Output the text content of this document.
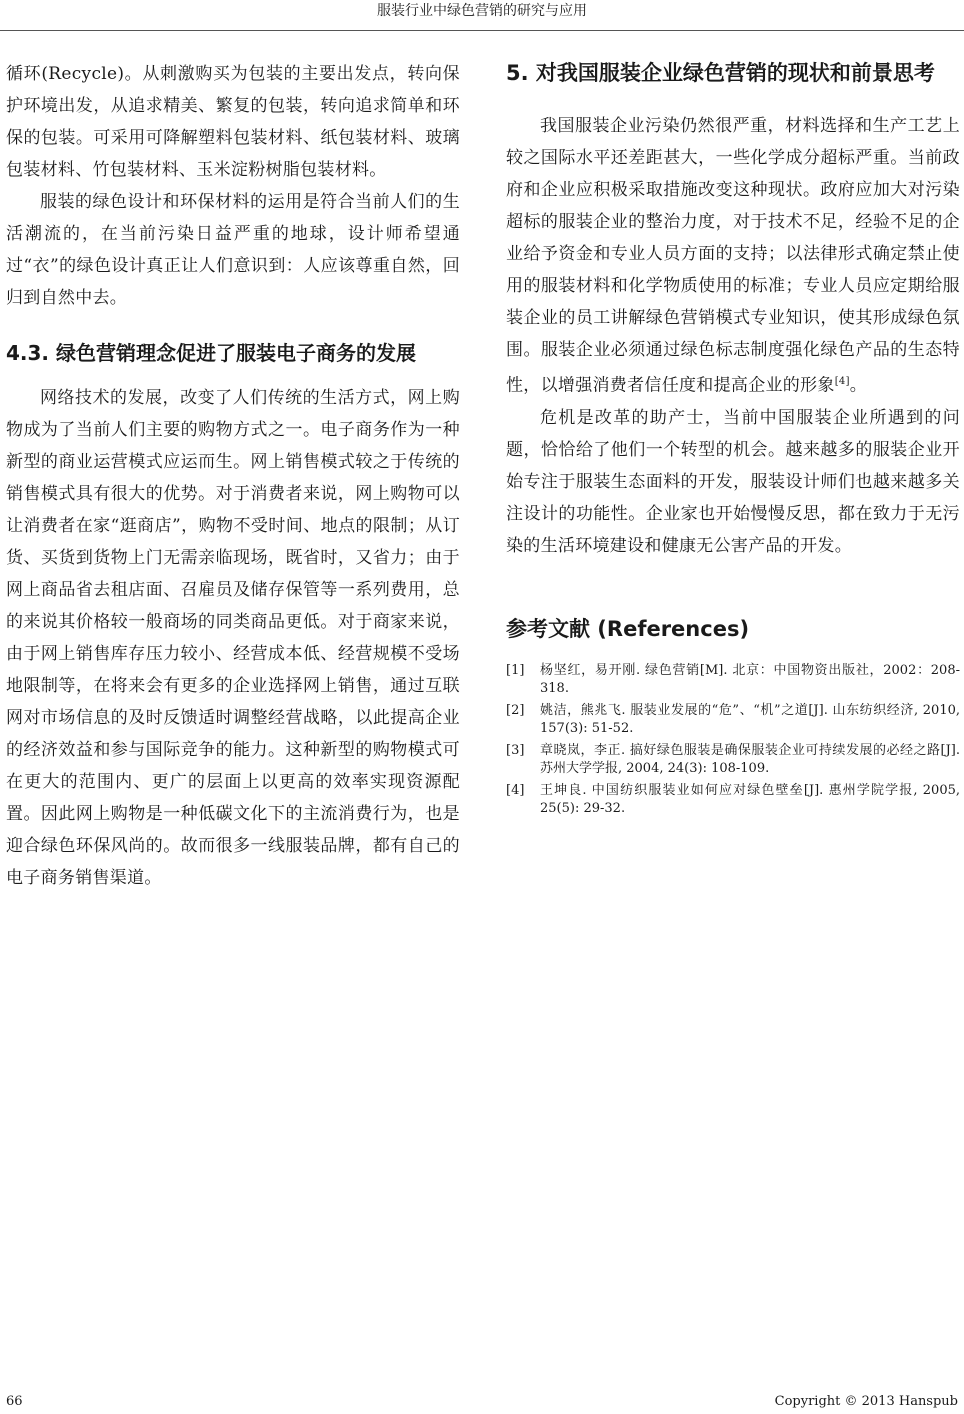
服装行业中绿色营销的研究与应用

循环(Recycle)。从刺激购买为包装的主要出发点，转向保护环境出发，从追求精美、繁复的包装，转向追求简单和环保的包装。可采用可降解塑料包装材料、纸包装材料、玻璃包装材料、竹包装材料、玉米淀粉树脂包装材料。

服装的绿色设计和环保材料的运用是符合当前人们的生活潮流的，在当前污染日益严重的地球，设计师希望通过“衣”的绿色设计真正让人们意识到：人应该尊重自然，回归到自然中去。

4.3. 绿色营销理念促进了服装电子商务的发展

网络技术的发展，改变了人们传统的生活方式，网上购物成为了当前人们主要的购物方式之一。电子商务作为一种新型的商业运营模式应运而生。网上销售模式较之于传统的销售模式具有很大的优势。对于消费者来说，网上购物可以让消费者在家“逛商店”，购物不受时间、地点的限制；从订货、买货到货物上门无需亲临现场，既省时，又省力；由于网上商品省去租店面、召雇员及储存保管等一系列费用，总的来说其价格较一般商场的同类商品更低。对于商家来说，由于网上销售库存压力较小、经营成本低、经营规模不受场地限制等，在将来会有更多的企业选择网上销售，通过互联网对市场信息的及时反馈适时调整经营战略，以此提高企业的经济效益和参与国际竞争的能力。这种新型的购物模式可在更大的范围内、更广的层面上以更高的效率实现资源配置。因此网上购物是一种低碳文化下的主流消费行为，也是迎合绿色环保风尚的。故而很多一线服装品牌，都有自己的电子商务销售渠道。

5. 对我国服装企业绿色营销的现状和前景思考

我国服装企业污染仍然很严重，材料选择和生产工艺上较之国际水平还差距甚大，一些化学成分超标严重。当前政府和企业应积极采取措施改变这种现状。政府应加大对污染超标的服装企业的整治力度，对于技术不足，经验不足的企业给予资金和专业人员方面的支持；以法律形式确定禁止使用的服装材料和化学物质使用的标准；专业人员应定期给服装企业的员工讲解绿色营销模式专业知识，使其形成绿色氛围。服装企业必须通过绿色标志制度强化绿色产品的生态特性，以增强消费者信任度和提高企业的形象[4]。

危机是改革的助产士，当前中国服装企业所遇到的问题，恰恰给了他们一个转型的机会。越来越多的服装企业开始专注于服装生态面料的开发，服装设计师们也越来越多关注设计的功能性。企业家也开始慢慢反思，都在致力于无污染的生活环境建设和健康无公害产品的开发。

参考文献 (References)
[1]	杨坚红，易开刚. 绿色营销[M]. 北京：中国物资出版社，2002：208-318.
[2]	姚洁，熊兆飞. 服装业发展的“危”、“机”之道[J]. 山东纺织经济, 2010, 157(3): 51-52.
[3]	章晓岚，李正. 搞好绿色服装是确保服装企业可持续发展的必经之路[J]. 苏州大学学报, 2004, 24(3): 108-109.
[4]	王坤良. 中国纺织服装业如何应对绿色壁垒[J]. 惠州学院学报, 2005, 25(5): 29-32.
66	Copyright © 2013 Hanspub
